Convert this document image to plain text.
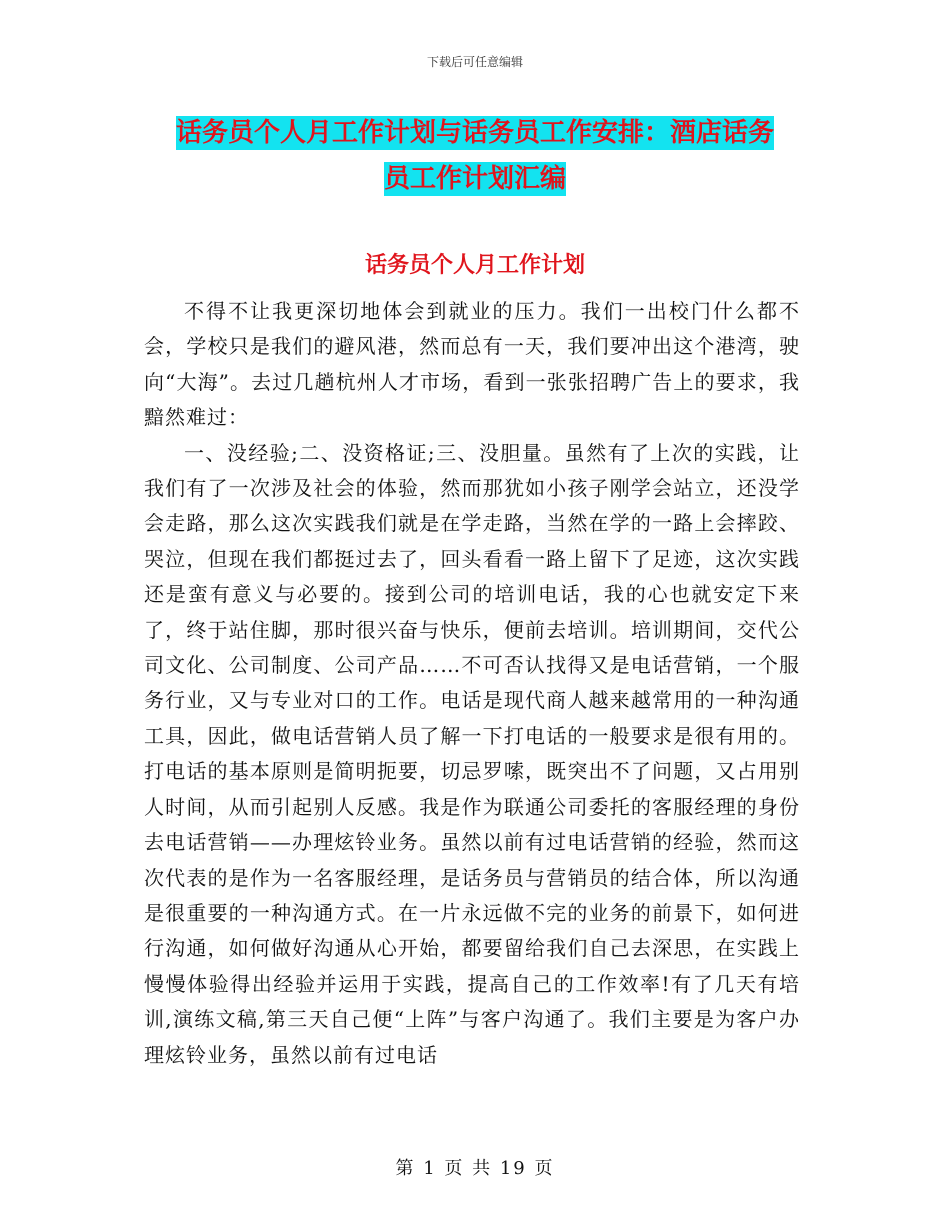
下载后可任意编辑
话务员个人月工作计划与话务员工作安排：酒店话务
员工作计划汇编
话务员个人月工作计划

不得不让我更深切地体会到就业的压力。我们一出校门什么都不会，学校只是我们的避风港，然而总有一天，我们要冲出这个港湾，驶向“大海”。去过几趟杭州人才市场，看到一张张招聘广告上的要求，我黯然难过：

一、没经验;二、没资格证;三、没胆量。虽然有了上次的实践，让我们有了一次涉及社会的体验，然而那犹如小孩子刚学会站立，还没学会走路，那么这次实践我们就是在学走路，当然在学的一路上会摔跤、哭泣，但现在我们都挺过去了，回头看看一路上留下了足迹，这次实践还是蛮有意义与必要的。接到公司的培训电话，我的心也就安定下来了，终于站住脚，那时很兴奋与快乐，便前去培训。培训期间，交代公司文化、公司制度、公司产品……不可否认找得又是电话营销，一个服务行业，又与专业对口的工作。电话是现代商人越来越常用的一种沟通工具，因此，做电话营销人员了解一下打电话的一般要求是很有用的。打电话的基本原则是简明扼要，切忌罗嗦，既突出不了问题，又占用别人时间，从而引起别人反感。我是作为联通公司委托的客服经理的身份去电话营销——办理炫铃业务。虽然以前有过电话营销的经验，然而这次代表的是作为一名客服经理，是话务员与营销员的结合体，所以沟通是很重要的一种沟通方式。在一片永远做不完的业务的前景下，如何进行沟通，如何做好沟通从心开始，都要留给我们自己去深思，在实践上慢慢体验得出经验并运用于实践，提高自己的工作效率!有了几天有培训,演练文稿,第三天自己便“上阵”与客户沟通了。我们主要是为客户办理炫铃业务，虽然以前有过电话

第 1 页 共 19 页
